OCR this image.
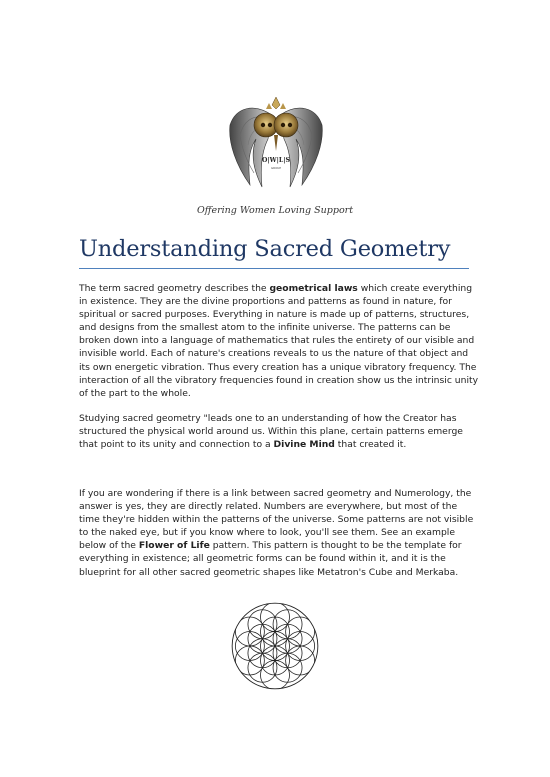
O|W|L|S
GROUP
Offering Women Loving Support
Understanding Sacred Geometry

The term sacred geometry describes the geometrical laws which create everything in existence. They are the divine proportions and patterns as found in nature, for spiritual or sacred purposes. Everything in nature is made up of patterns, structures, and designs from the smallest atom to the infinite universe. The patterns can be broken down into a language of mathematics that rules the entirety of our visible and invisible world. Each of nature's creations reveals to us the nature of that object and its own energetic vibration. Thus every creation has a unique vibratory frequency. The interaction of all the vibratory frequencies found in creation show us the intrinsic unity of the part to the whole.

Studying sacred geometry "leads one to an understanding of how the Creator has structured the physical world around us. Within this plane, certain patterns emerge that point to its unity and connection to a Divine Mind that created it.

If you are wondering if there is a link between sacred geometry and Numerology, the answer is yes, they are directly related. Numbers are everywhere, but most of the time they're hidden within the patterns of the universe. Some patterns are not visible to the naked eye, but if you know where to look, you'll see them. See an example below of the Flower of Life pattern. This pattern is thought to be the template for everything in existence; all geometric forms can be found within it, and it is the blueprint for all other sacred geometric shapes like Metatron's Cube and Merkaba.
